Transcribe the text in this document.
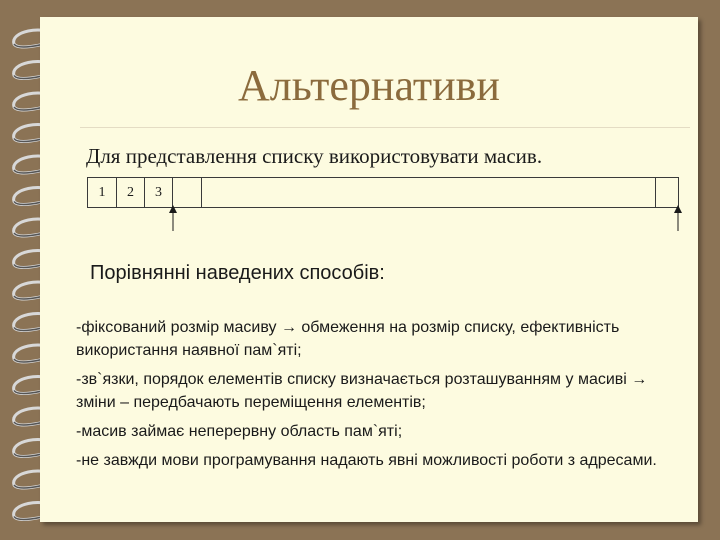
Альтернативи
Для представлення списку використовувати масив.
1	2	3
Порівнянні наведених способів:
-фіксований розмір масиву → обмеження на розмір списку, ефективність використання наявної пам`яті;
-зв`язки, порядок елементів списку визначається розташуванням у масиві → зміни – передбачають переміщення елементів;
-масив займає неперервну область пам`яті;
-не завжди мови програмування надають явні можливості роботи з адресами.
